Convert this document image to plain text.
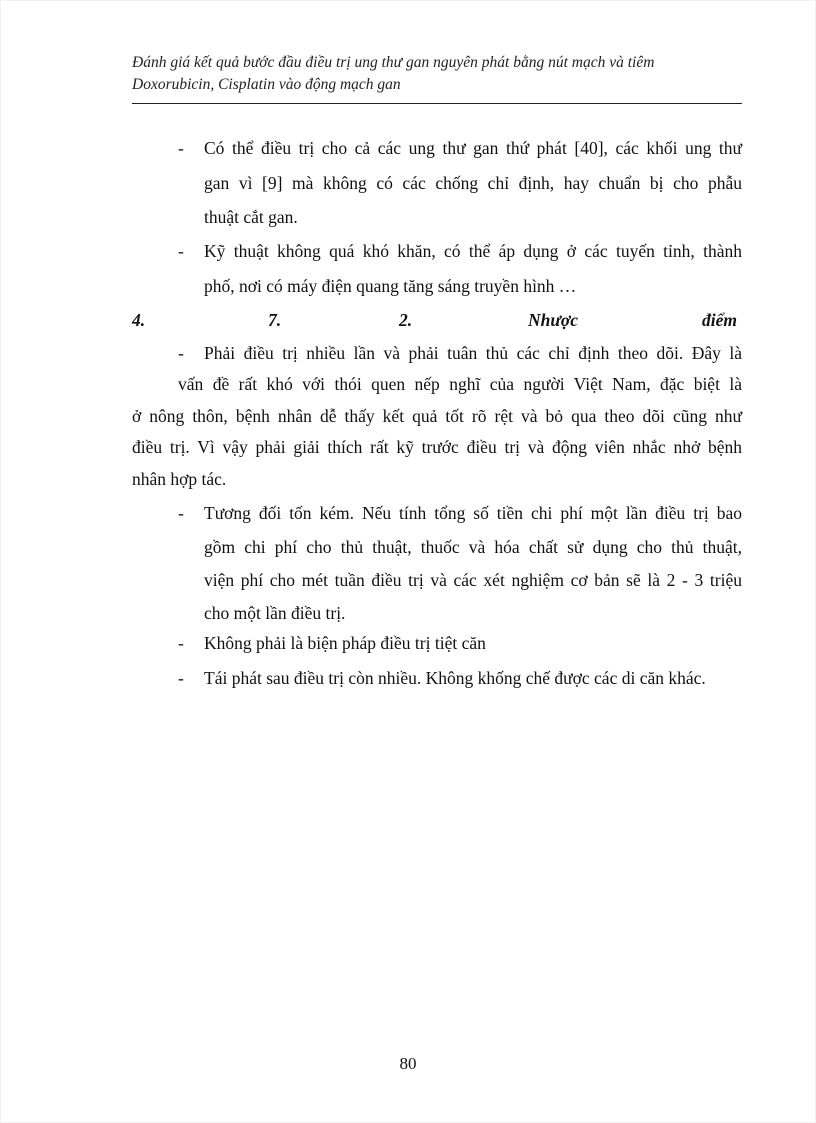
Đánh giá kết quả bước đầu điều trị ung thư gan nguyên phát bằng nút mạch và tiêm
Doxorubicin, Cisplatin vào động mạch gan
-	Có thể điều trị cho cả các ung thư gan thứ phát [40], các khối ung thư
gan vì [9] mà không có các chống chỉ định, hay chuẩn bị cho phẫu
thuật cắt gan.
-	Kỹ thuật không quá khó khăn, có thể áp dụng ở các tuyến tỉnh, thành
phố, nơi có máy điện quang tăng sáng truyền hình …
4.	7.	2.	Nhược	điểm
-	Phải điều trị nhiều lần và phải tuân thủ các chỉ định theo dõi. Đây là
vấn đề rất khó với thói quen nếp nghĩ của người Việt Nam, đặc biệt là
ở nông thôn, bệnh nhân dễ thấy kết quả tốt rõ rệt và bỏ qua theo dõi cũng như
điều trị. Vì vậy phải giải thích rất kỹ trước điều trị và động viên nhắc nhở bệnh
nhân hợp tác.
-	Tương đối tốn kém. Nếu tính tổng số tiền chi phí một lần điều trị bao
gồm chi phí cho thủ thuật, thuốc và hóa chất sử dụng cho thủ thuật,
viện phí cho mét tuần điều trị và các xét nghiệm cơ bản sẽ là 2 - 3 triệu
cho một lần điều trị.
-	Không phải là biện pháp điều trị tiệt căn
-	Tái phát sau điều trị còn nhiều. Không khống chế được các di căn khác.
80
